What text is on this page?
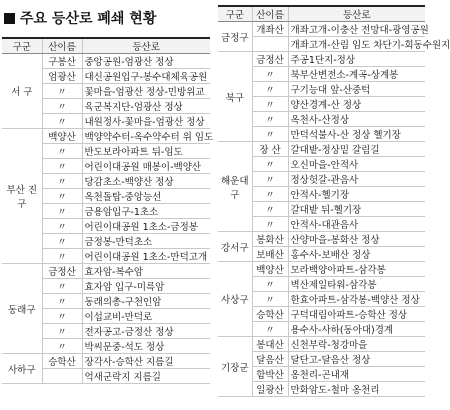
주요 등산로 폐쇄 현황
구군	산이름	등산로
서 구	구봉산	중앙공원-엄광산 정상
	엄광산	대신공원입구-봉수대체육공원
	〃	꽃마을-엄광산 정상-민방위교
	〃	육군복지단-엄광산 정상
	〃	내원정사-꽃마을-엄광산 정상
부산 진구	백양산	백양약수터-옥수약수터 위 임도
	〃	반도보라아파트 뒤-임도
	〃	어린이대공원 매봉이-백양산
	〃	당감초소-백양산 정상
	〃	옥천돌탑-중앙능선
	〃	금용암입구-1초소
	〃	어린이대공원 1초소-금정봉
	〃	금정봉-만덕초소
	〃	어린이대공원 1초소-만덕고개
동래구	금정산	효자암-복수암
	〃	효자암 입구-미륵암
	〃	동래의총-구천인암
	〃	이섭교비-만덕로
	〃	전자공고-금정산 정상
	〃	박씨문중-석도 정상
사하구	승학산	장각사-승학산 지름길
		억새군락지 지름길
구군	산이름	등산로
금정구	개좌산	개좌고개-이충산 전망대-광영공원
		개좌고개-산림 임도 차단기-회동수원지
북구	금정산	주공1단지-정상
	〃	북부산변전소-계곡-상계봉
	〃	구기능대 앞-산중턱
	〃	양산경계-산 정상
	〃	옥천사-산정상
	〃	만덕석불사-산 정상 헬기장
해운대 구	장 산	갈대밭-정상밑 갈림길
	〃	오신마을-안적사
	〃	정상헛갈-관음사
	〃	안적사-헬기장
	〃	갈대밭 뒤-헬기장
	〃	안적사-대관음사
강서구	봉화산	산양마을-봉화산 정상
	보배산	홍수사-보배산 정상
사상구	백양산	모라백양아파트-삼각봉
	〃	벽산제일타워-삼각봉
	〃	한효아파트-삼각봉-백양산 정상
	승학산	구덕대림아파트-승학산 정상
	〃	용수사-사하(동아대)경계
기장군	봉대산	신천부락-청강마을
	달음산	달단고-달음산 정상
	함박산	옹천리-곤내재
	일광산	만화암도-철마 옹천리
